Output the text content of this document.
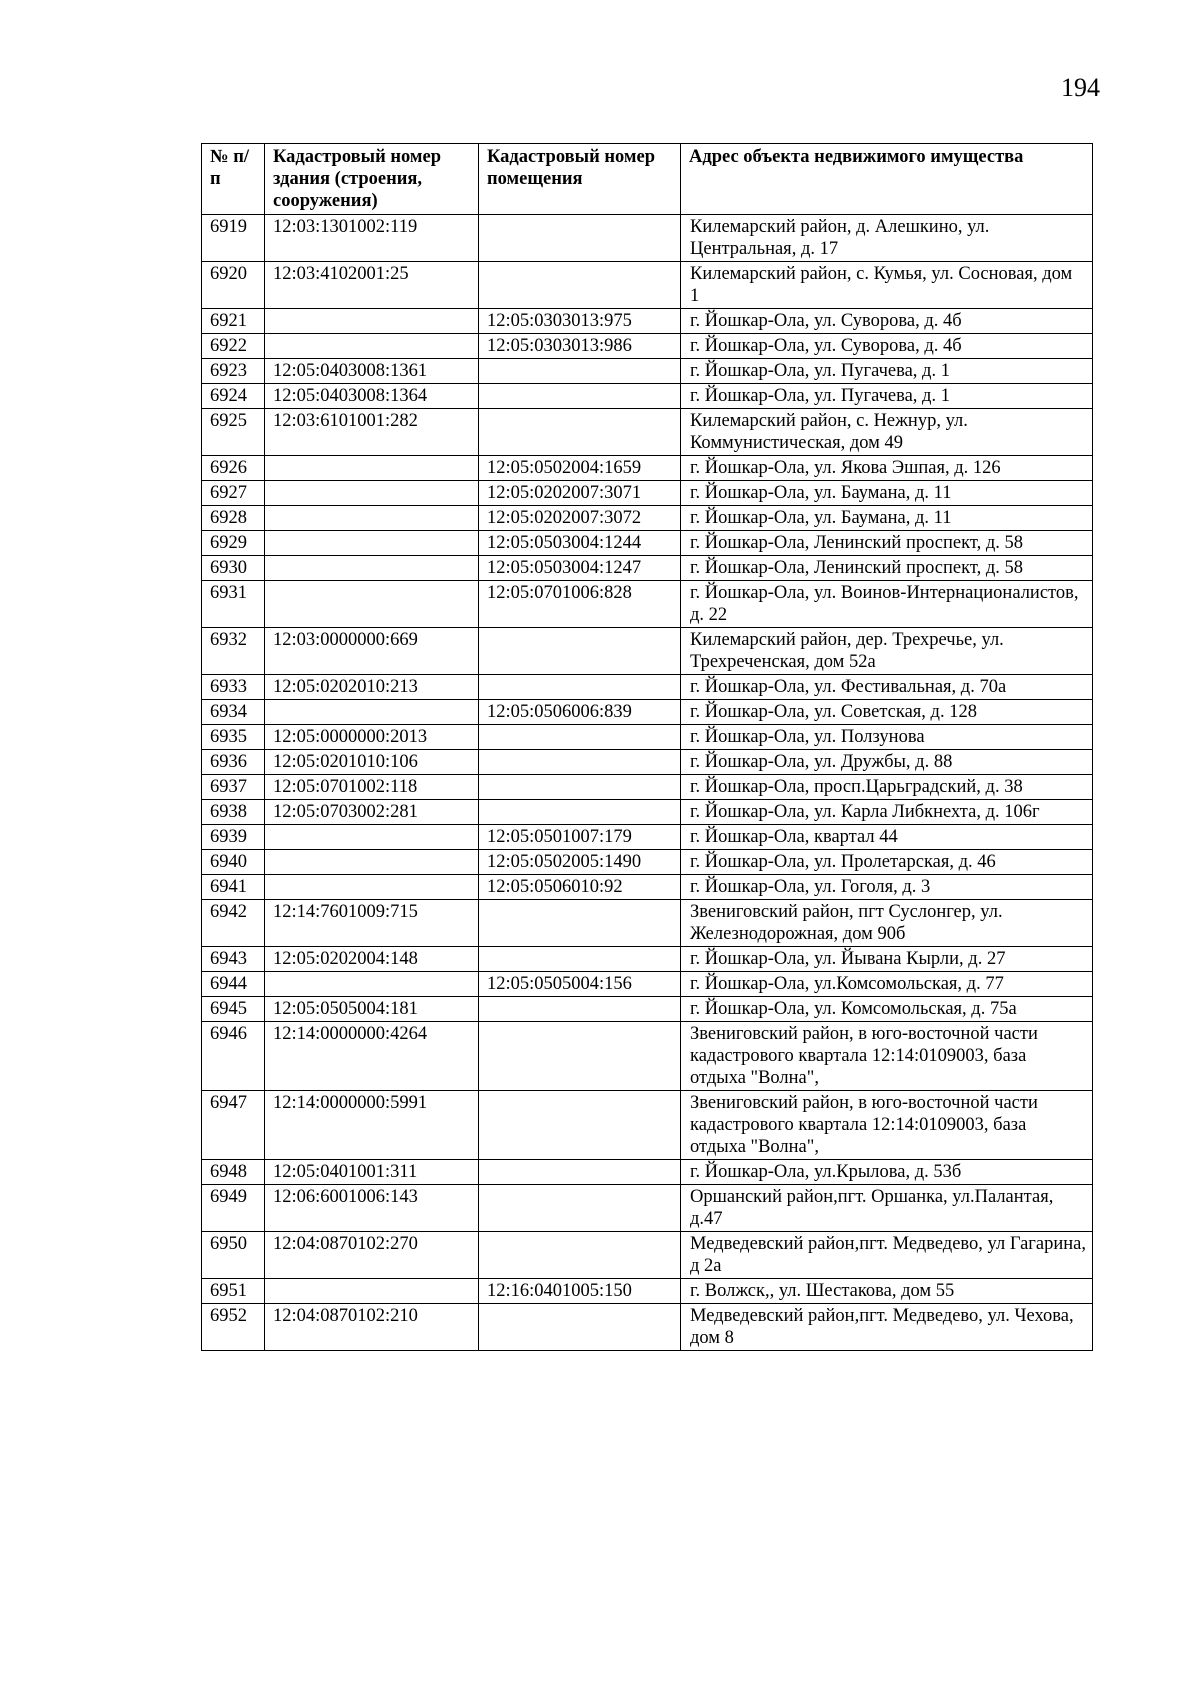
194
№ п/п	Кадастровый номер здания (строения, сооружения)	Кадастровый номер помещения	Адрес объекта недвижимого имущества
6919	12:03:1301002:119		Килемарский район, д. Алешкино, ул. Центральная, д. 17
6920	12:03:4102001:25		Килемарский район, с. Кумья, ул. Сосновая, дом 1
6921		12:05:0303013:975	г. Йошкар-Ола, ул. Суворова, д. 4б
6922		12:05:0303013:986	г. Йошкар-Ола, ул. Суворова, д. 4б
6923	12:05:0403008:1361		г. Йошкар-Ола, ул. Пугачева, д. 1
6924	12:05:0403008:1364		г. Йошкар-Ола, ул. Пугачева, д. 1
6925	12:03:6101001:282		Килемарский район, с. Нежнур, ул. Коммунистическая, дом 49
6926		12:05:0502004:1659	г. Йошкар-Ола, ул. Якова Эшпая, д. 126
6927		12:05:0202007:3071	г. Йошкар-Ола, ул. Баумана, д. 11
6928		12:05:0202007:3072	г. Йошкар-Ола, ул. Баумана, д. 11
6929		12:05:0503004:1244	г. Йошкар-Ола, Ленинский проспект, д. 58
6930		12:05:0503004:1247	г. Йошкар-Ола, Ленинский проспект, д. 58
6931		12:05:0701006:828	г. Йошкар-Ола, ул. Воинов-Интернационалистов, д. 22
6932	12:03:0000000:669		Килемарский район, дер. Трехречье, ул. Трехреченская, дом 52а
6933	12:05:0202010:213		г. Йошкар-Ола, ул. Фестивальная, д. 70а
6934		12:05:0506006:839	г. Йошкар-Ола, ул. Советская, д. 128
6935	12:05:0000000:2013		г. Йошкар-Ола, ул. Ползунова
6936	12:05:0201010:106		г. Йошкар-Ола, ул. Дружбы, д. 88
6937	12:05:0701002:118		г. Йошкар-Ола, просп.Царьградский, д. 38
6938	12:05:0703002:281		г. Йошкар-Ола, ул. Карла Либкнехта, д. 106г
6939		12:05:0501007:179	г. Йошкар-Ола, квартал 44
6940		12:05:0502005:1490	г. Йошкар-Ола, ул. Пролетарская, д. 46
6941		12:05:0506010:92	г. Йошкар-Ола, ул. Гоголя, д. 3
6942	12:14:7601009:715		Звениговский район, пгт Суслонгер, ул. Железнодорожная, дом 90б
6943	12:05:0202004:148		г. Йошкар-Ола, ул. Йывана Кырли, д. 27
6944		12:05:0505004:156	г. Йошкар-Ола, ул.Комсомольская, д. 77
6945	12:05:0505004:181		г. Йошкар-Ола, ул. Комсомольская, д. 75а
6946	12:14:0000000:4264		Звениговский район, в юго-восточной части кадастрового квартала 12:14:0109003, база отдыха "Волна",
6947	12:14:0000000:5991		Звениговский район, в юго-восточной части кадастрового квартала 12:14:0109003, база отдыха "Волна",
6948	12:05:0401001:311		г. Йошкар-Ола, ул.Крылова, д. 53б
6949	12:06:6001006:143		Оршанский район,пгт. Оршанка, ул.Палантая, д.47
6950	12:04:0870102:270		Медведевский район,пгт. Медведево, ул Гагарина, д 2а
6951		12:16:0401005:150	г. Волжск,, ул. Шестакова, дом 55
6952	12:04:0870102:210		Медведевский район,пгт. Медведево, ул. Чехова, дом 8
